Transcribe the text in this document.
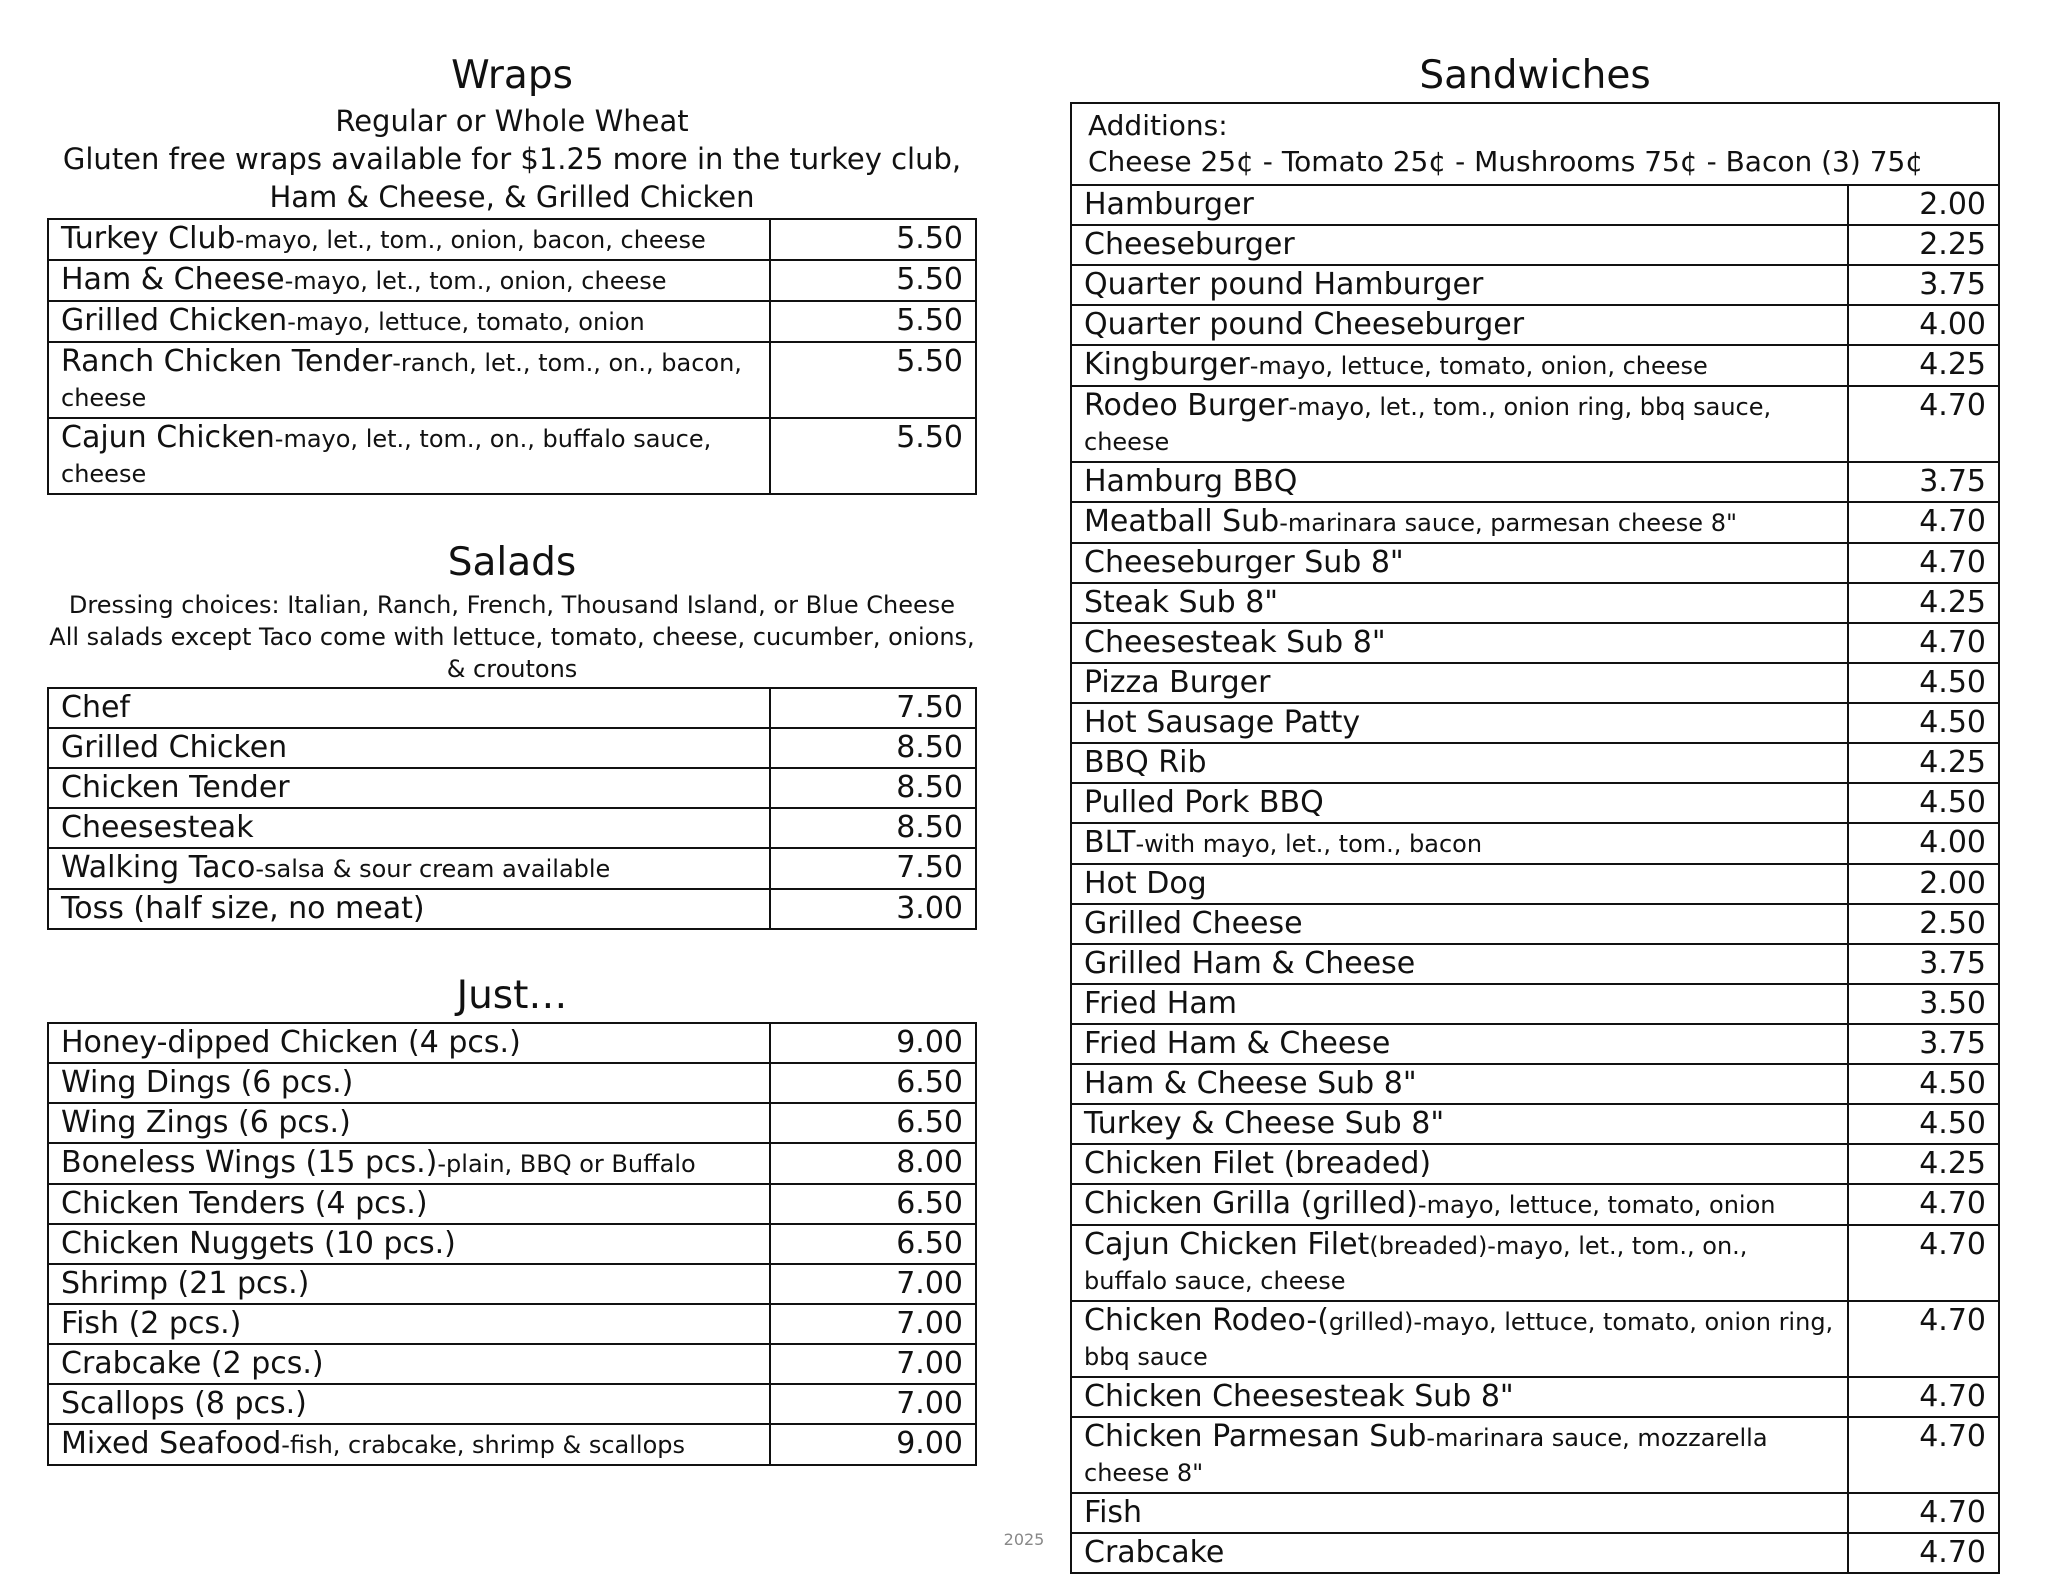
Wraps
Regular or Whole Wheat
Gluten free wraps available for $1.25 more in the turkey club,
Ham & Cheese, & Grilled Chicken
Turkey Club-mayo, let., tom., onion, bacon, cheese	5.50
Ham & Cheese-mayo, let., tom., onion, cheese	5.50
Grilled Chicken-mayo, lettuce, tomato, onion	5.50
Ranch Chicken Tender-ranch, let., tom., on., bacon, cheese	5.50
Cajun Chicken-mayo, let., tom., on., buffalo sauce, cheese	5.50
Salads
Dressing choices: Italian, Ranch, French, Thousand Island, or Blue Cheese
All salads except Taco come with lettuce, tomato, cheese, cucumber, onions, & croutons
Chef	7.50
Grilled Chicken	8.50
Chicken Tender	8.50
Cheesesteak	8.50
Walking Taco-salsa & sour cream available	7.50
Toss (half size, no meat)	3.00
Just…
Honey-dipped Chicken (4 pcs.)	9.00
Wing Dings (6 pcs.)	6.50
Wing Zings (6 pcs.)	6.50
Boneless Wings (15 pcs.)-plain, BBQ or Buffalo	8.00
Chicken Tenders (4 pcs.)	6.50
Chicken Nuggets (10 pcs.)	6.50
Shrimp (21 pcs.)	7.00
Fish (2 pcs.)	7.00
Crabcake (2 pcs.)	7.00
Scallops (8 pcs.)	7.00
Mixed Seafood-fish, crabcake, shrimp & scallops	9.00
Sandwiches
Additions:
Cheese 25¢ - Tomato 25¢ - Mushrooms 75¢ - Bacon (3) 75¢
Hamburger	2.00
Cheeseburger	2.25
Quarter pound Hamburger	3.75
Quarter pound Cheeseburger	4.00
Kingburger-mayo, lettuce, tomato, onion, cheese	4.25
Rodeo Burger-mayo, let., tom., onion ring, bbq sauce, cheese	4.70
Hamburg BBQ	3.75
Meatball Sub-marinara sauce, parmesan cheese 8"	4.70
Cheeseburger Sub 8"	4.70
Steak Sub 8"	4.25
Cheesesteak Sub 8"	4.70
Pizza Burger	4.50
Hot Sausage Patty	4.50
BBQ Rib	4.25
Pulled Pork BBQ	4.50
BLT-with mayo, let., tom., bacon	4.00
Hot Dog	2.00
Grilled Cheese	2.50
Grilled Ham & Cheese	3.75
Fried Ham	3.50
Fried Ham & Cheese	3.75
Ham & Cheese Sub 8"	4.50
Turkey & Cheese Sub 8"	4.50
Chicken Filet (breaded)	4.25
Chicken Grilla (grilled)-mayo, lettuce, tomato, onion	4.70
Cajun Chicken Filet(breaded)-mayo, let., tom., on., buffalo sauce, cheese	4.70
Chicken Rodeo-(grilled)-mayo, lettuce, tomato, onion ring, bbq sauce	4.70
Chicken Cheesesteak Sub 8"	4.70
Chicken Parmesan Sub-marinara sauce, mozzarella cheese 8"	4.70
Fish	4.70
Crabcake	4.70
2025
